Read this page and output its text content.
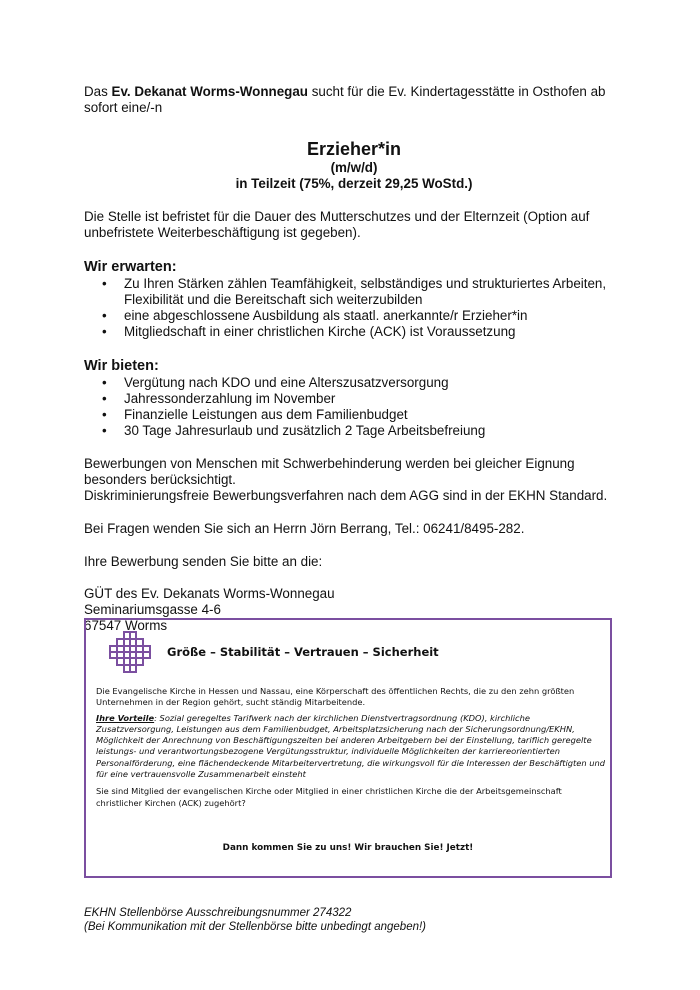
Das Ev. Dekanat Worms-Wonnegau sucht für die Ev. Kindertagesstätte in Osthofen ab sofort eine/-n

Erzieher*in
(m/w/d)
in Teilzeit (75%, derzeit 29,25 WoStd.)

Die Stelle ist befristet für die Dauer des Mutterschutzes und der Elternzeit (Option auf unbefristete Weiterbeschäftigung ist gegeben).

Wir erwarten:
• Zu Ihren Stärken zählen Teamfähigkeit, selbständiges und strukturiertes Arbeiten, Flexibilität und die Bereitschaft sich weiterzubilden
• eine abgeschlossene Ausbildung als staatl. anerkannte/r Erzieher*in
• Mitgliedschaft in einer christlichen Kirche (ACK) ist Voraussetzung
Wir bieten:
• Vergütung nach KDO und eine Alterszusatzversorgung
• Jahressonderzahlung im November
• Finanzielle Leistungen aus dem Familienbudget
• 30 Tage Jahresurlaub und zusätzlich 2 Tage Arbeitsbefreiung

Bewerbungen von Menschen mit Schwerbehinderung werden bei gleicher Eignung besonders berücksichtigt.

Diskriminierungsfreie Bewerbungsverfahren nach dem AGG sind in der EKHN Standard.

Bei Fragen wenden Sie sich an Herrn Jörn Berrang, Tel.: 06241/8495-282.

Ihre Bewerbung senden Sie bitte an die:

GÜT des Ev. Dekanats Worms-Wonnegau

Seminariumsgasse 4-6

67547 Worms

Größe – Stabilität – Vertrauen – Sicherheit

Die Evangelische Kirche in Hessen und Nassau, eine Körperschaft des öffentlichen Rechts, die zu den zehn größten Unternehmen in der Region gehört, sucht ständig Mitarbeitende.

Ihre Vorteile: Sozial geregeltes Tarifwerk nach der kirchlichen Dienstvertragsordnung (KDO), kirchliche Zusatzversorgung, Leistungen aus dem Familienbudget, Arbeitsplatzsicherung nach der Sicherungsordnung/EKHN, Möglichkeit der Anrechnung von Beschäftigungszeiten bei anderen Arbeitgebern bei der Einstellung, tariflich geregelte leistungs- und verantwortungsbezogene Vergütungsstruktur, individuelle Möglichkeiten der karriereorientierten Personalförderung, eine flächendeckende Mitarbeitervertretung, die wirkungsvoll für die Interessen der Beschäftigten und für eine vertrauensvolle Zusammenarbeit einsteht

Sie sind Mitglied der evangelischen Kirche oder Mitglied in einer christlichen Kirche die der Arbeitsgemeinschaft christlicher Kirchen (ACK) zugehört?

Dann kommen Sie zu uns! Wir brauchen Sie! Jetzt!
EKHN Stellenbörse Ausschreibungsnummer 274322
(Bei Kommunikation mit der Stellenbörse bitte unbedingt angeben!)
